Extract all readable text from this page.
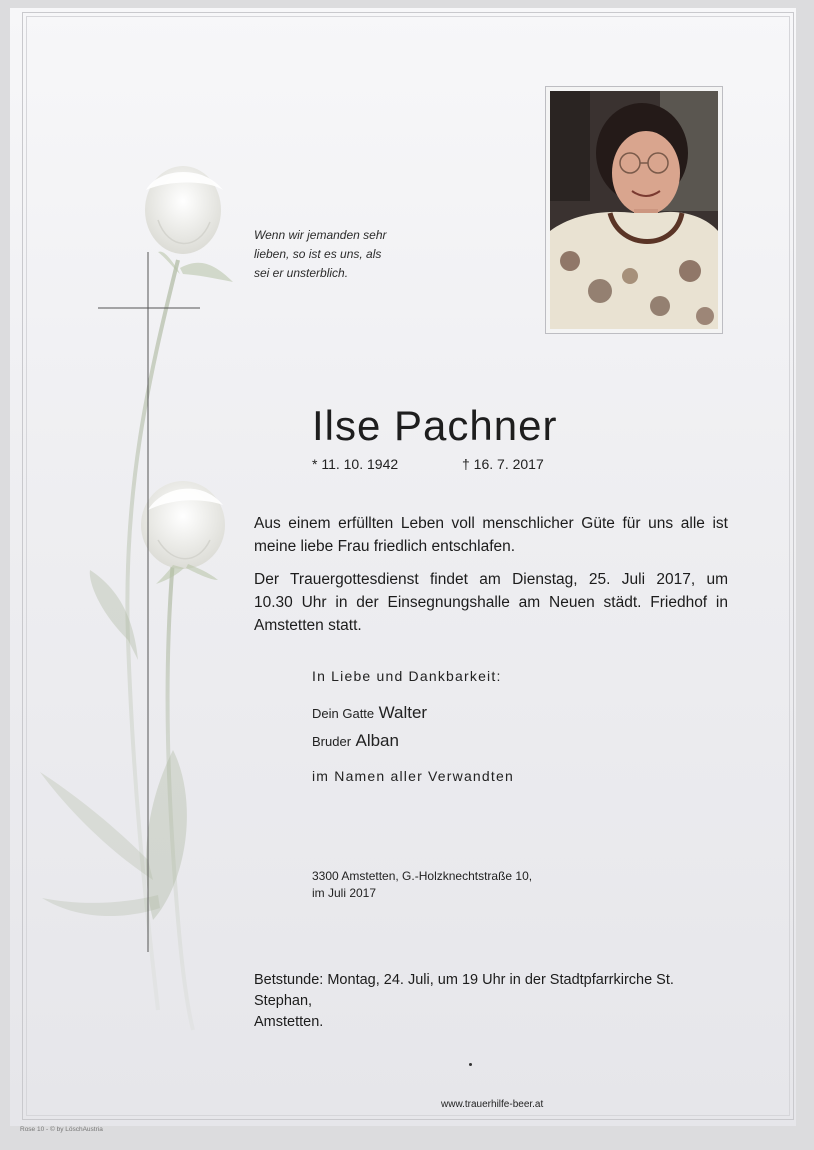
Wenn wir jemanden sehr
lieben, so ist es uns, als
sei er unsterblich.
Ilse Pachner
* 11. 10. 1942	† 16. 7. 2017
Aus einem erfüllten Leben voll menschlicher Güte für uns alle ist
meine liebe Frau friedlich entschlafen.
Der Trauergottesdienst findet am Dienstag, 25. Juli 2017, um
10.30 Uhr in der Einsegnungshalle am Neuen städt. Friedhof in
Amstetten statt.
In Liebe und Dankbarkeit:
Dein Gatte Walter
Bruder Alban
im Namen aller Verwandten
3300 Amstetten, G.-Holzknechtstraße 10,
im Juli 2017
Betstunde: Montag, 24. Juli, um 19 Uhr in der Stadtpfarrkirche St. Stephan,
Amstetten.
www.trauerhilfe-beer.at
Rose 10 - © by LöschAustria
